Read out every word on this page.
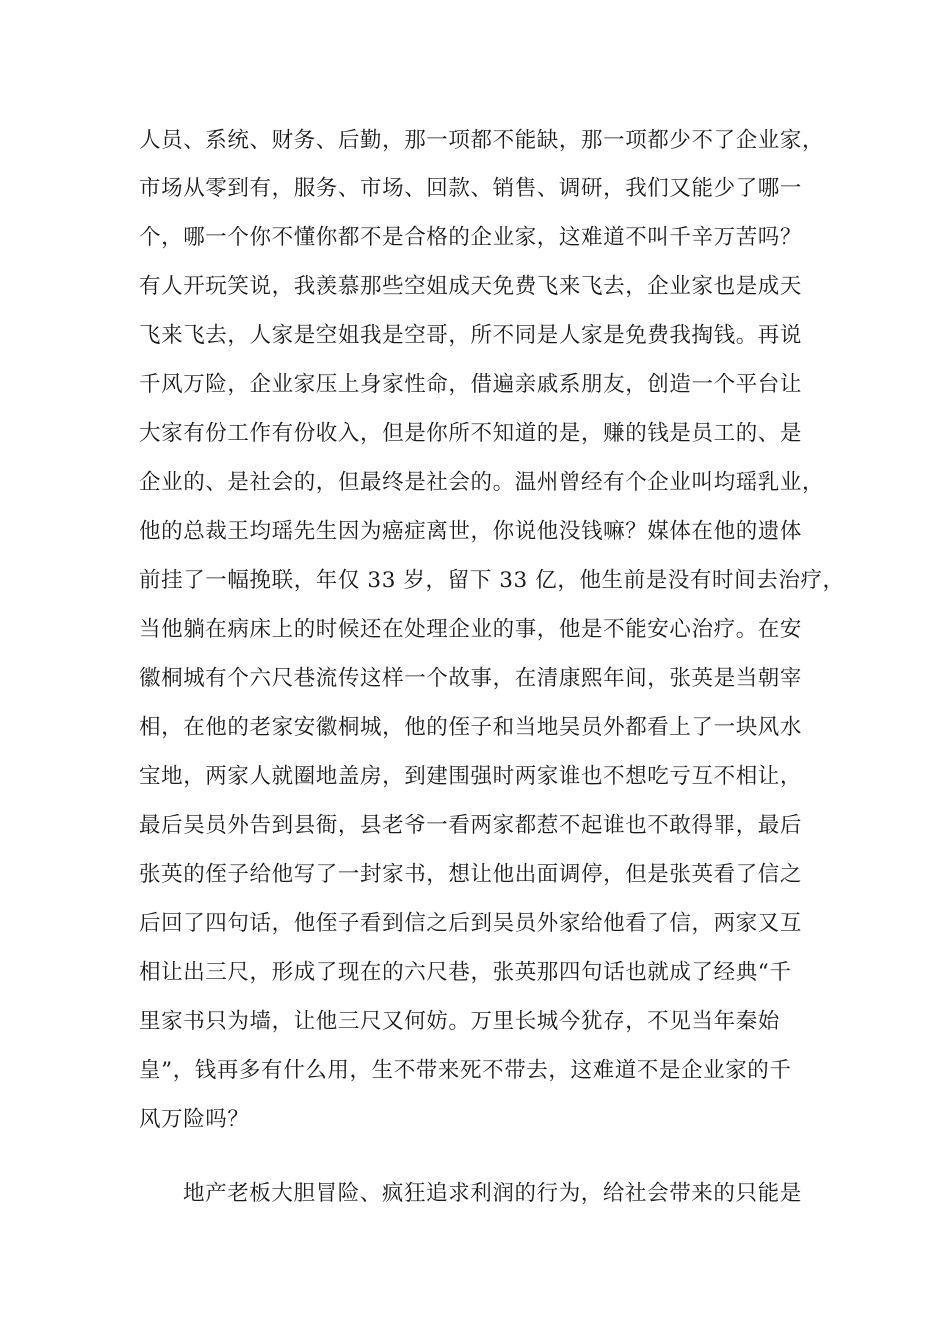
人员、系统、财务、后勤，那一项都不能缺，那一项都少不了企业家，
市场从零到有，服务、市场、回款、销售、调研，我们又能少了哪一
个，哪一个你不懂你都不是合格的企业家，这难道不叫千辛万苦吗？
有人开玩笑说，我羡慕那些空姐成天免费飞来飞去，企业家也是成天
飞来飞去，人家是空姐我是空哥，所不同是人家是免费我掏钱。再说
千风万险，企业家压上身家性命，借遍亲戚系朋友，创造一个平台让
大家有份工作有份收入，但是你所不知道的是，赚的钱是员工的、是
企业的、是社会的，但最终是社会的。温州曾经有个企业叫均瑶乳业，
他的总裁王均瑶先生因为癌症离世，你说他没钱嘛？媒体在他的遗体
前挂了一幅挽联，年仅 33 岁，留下 33 亿，他生前是没有时间去治疗，
当他躺在病床上的时候还在处理企业的事，他是不能安心治疗。在安
徽桐城有个六尺巷流传这样一个故事，在清康熙年间，张英是当朝宰
相，在他的老家安徽桐城，他的侄子和当地吴员外都看上了一块风水
宝地，两家人就圈地盖房，到建围强时两家谁也不想吃亏互不相让，
最后吴员外告到县衙，县老爷一看两家都惹不起谁也不敢得罪，最后
张英的侄子给他写了一封家书，想让他出面调停，但是张英看了信之
后回了四句话，他侄子看到信之后到吴员外家给他看了信，两家又互
相让出三尺，形成了现在的六尺巷，张英那四句话也就成了经典“千
里家书只为墙，让他三尺又何妨。万里长城今犹存，不见当年秦始
皇”，钱再多有什么用，生不带来死不带去，这难道不是企业家的千
风万险吗？
地产老板大胆冒险、疯狂追求利润的行为，给社会带来的只能是
